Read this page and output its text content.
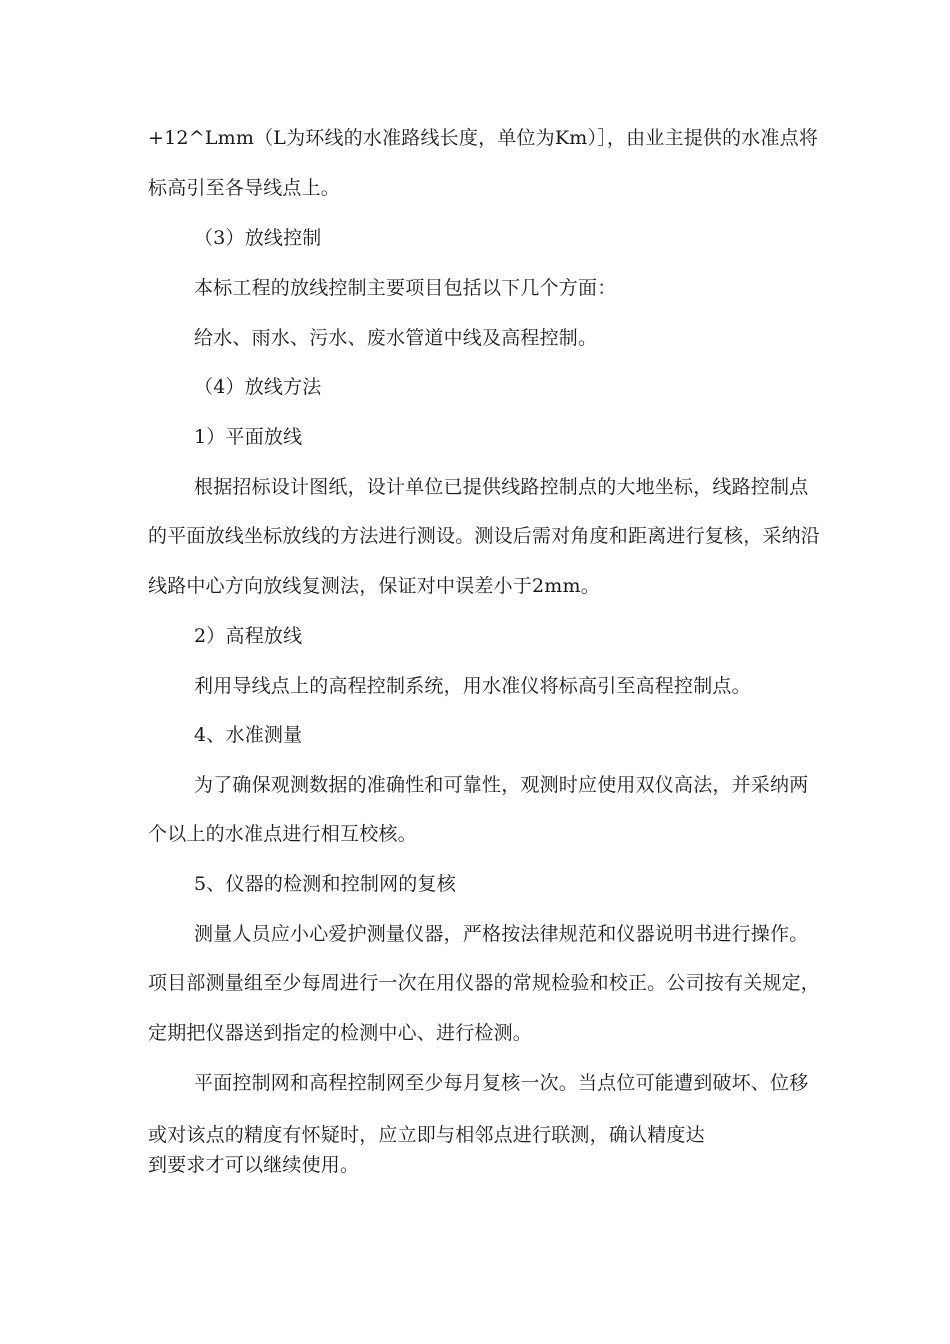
+12^Lmm（L为环线的水准路线长度，单位为Km）］，由业主提供的水准点将
标高引至各导线点上。
（3）放线控制
本标工程的放线控制主要项目包括以下几个方面：
给水、雨水、污水、废水管道中线及高程控制。
（4）放线方法
1）平面放线
根据招标设计图纸，设计单位已提供线路控制点的大地坐标，线路控制点
的平面放线坐标放线的方法进行测设。测设后需对角度和距离进行复核，采纳沿
线路中心方向放线复测法，保证对中误差小于2mm。
2）高程放线
利用导线点上的高程控制系统，用水准仪将标高引至高程控制点。
4、水准测量
为了确保观测数据的准确性和可靠性，观测时应使用双仪高法，并采纳两
个以上的水准点进行相互校核。
5、仪器的检测和控制网的复核
测量人员应小心爱护测量仪器，严格按法律规范和仪器说明书进行操作。
项目部测量组至少每周进行一次在用仪器的常规检验和校正。公司按有关规定，
定期把仪器送到指定的检测中心、进行检测。
平面控制网和高程控制网至少每月复核一次。当点位可能遭到破坏、位移
或对该点的精度有怀疑时，应立即与相邻点进行联测，确认精度达
到要求才可以继续使用。
